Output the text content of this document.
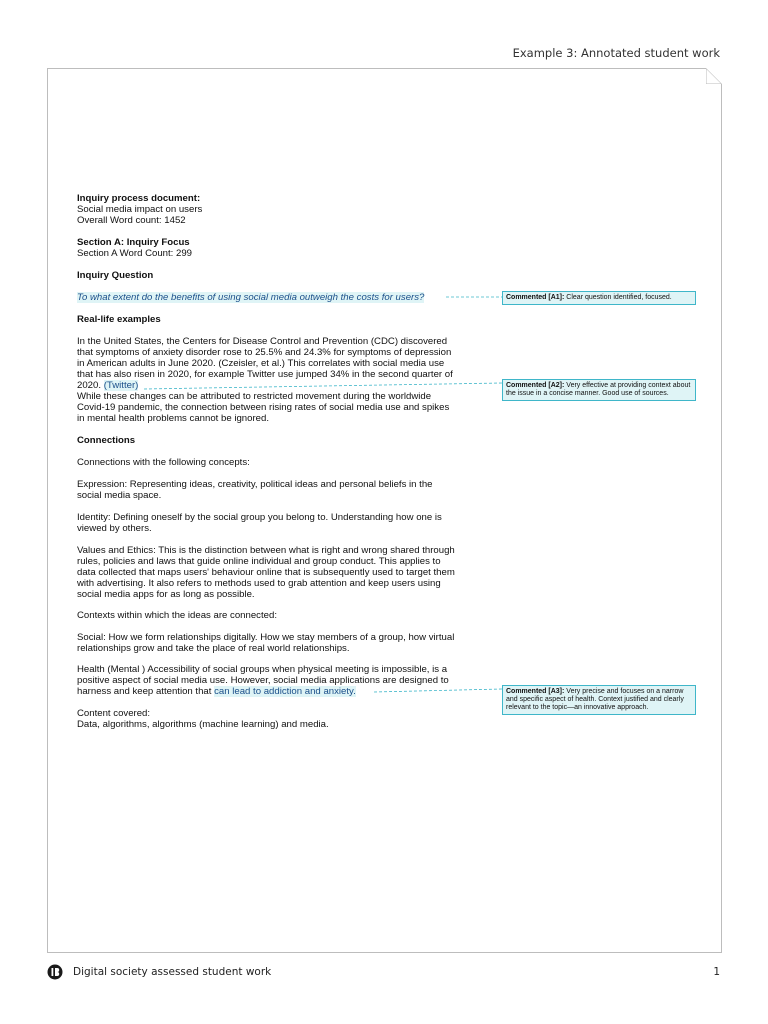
Example 3: Annotated student work
Inquiry process document:
Social media impact on users
Overall Word count: 1452
Section A: Inquiry Focus
Section A Word Count: 299
Inquiry Question
To what extent do the benefits of using social media outweigh the costs for users?
Real-life examples
In the United States, the Centers for Disease Control and Prevention (CDC) discovered
that symptoms of anxiety disorder rose to 25.5% and 24.3% for symptoms of depression
in American adults in June 2020. (Czeisler, et al.) This correlates with social media use
that has also risen in 2020, for example Twitter use jumped 34% in the second quarter of
2020. (Twitter)
While these changes can be attributed to restricted movement during the worldwide
Covid-19 pandemic, the connection between rising rates of social media use and spikes
in mental health problems cannot be ignored.
Connections
Connections with the following concepts:
Expression: Representing ideas, creativity, political ideas and personal beliefs in the
social media space.
Identity: Defining oneself by the social group you belong to. Understanding how one is
viewed by others.
Values and Ethics: This is the distinction between what is right and wrong shared through
rules, policies and laws that guide online individual and group conduct. This applies to
data collected that maps users' behaviour online that is subsequently used to target them
with advertising. It also refers to methods used to grab attention and keep users using
social media apps for as long as possible.
Contexts within which the ideas are connected:
Social: How we form relationships digitally. How we stay members of a group, how virtual
relationships grow and take the place of real world relationships.
Health (Mental ) Accessibility of social groups when physical meeting is impossible, is a
positive aspect of social media use. However, social media applications are designed to
harness and keep attention that can lead to addiction and anxiety.
Content covered:
Data, algorithms, algorithms (machine learning) and media.
Commented [A1]: Clear question identified, focused.
Commented [A2]: Very effective at providing context about the issue in a concise manner. Good use of sources.
Commented [A3]: Very precise and focuses on a narrow and specific aspect of health. Context justified and clearly relevant to the topic—an innovative approach.
Digital society assessed student work	1
